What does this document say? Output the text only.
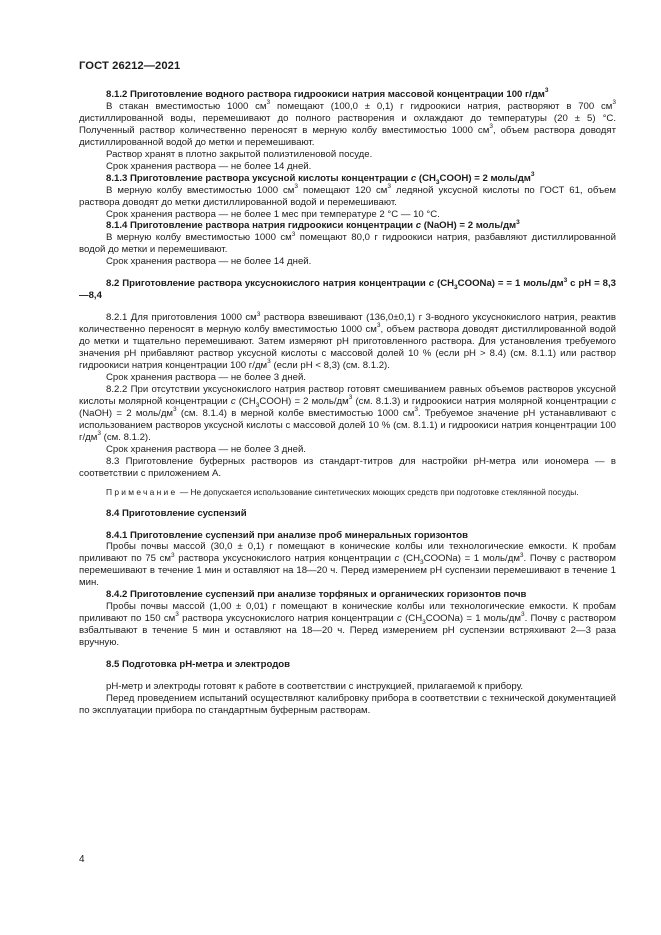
ГОСТ 26212—2021

8.1.2 Приготовление водного раствора гидроокиси натрия массовой концентрации 100 $г/дм^3$

В стакан вместимостью 1000 $см^3$ помещают (100,0 ± 0,1) г гидроокиси натрия, растворяют в 700 $см^3$ дистиллированной воды, перемешивают до полного растворения и охлаждают до температуры (20 ± 5) °С. Полученный раствор количественно переносят в мерную колбу вместимостью 1000 $см^3$, объем раствора доводят дистиллированной водой до метки и перемешивают.

Раствор хранят в плотно закрытой полиэтиленовой посуде.

Срок хранения раствора — не более 14 дней.

8.1.3 Приготовление раствора уксусной кислоты концентрации c $(CH_3COOH) = 2$ моль/$дм^3$

В мерную колбу вместимостью 1000 $см^3$ помещают 120 $см^3$ ледяной уксусной кислоты по ГОСТ 61, объем раствора доводят до метки дистиллированной водой и перемешивают.

Срок хранения раствора — не более 1 мес при температуре 2 °С — 10 °С.

8.1.4 Приготовление раствора натрия гидроокиси концентрации c (NaOH) = 2 моль/$дм^3$

В мерную колбу вместимостью 1000 $см^3$ помещают 80,0 г гидроокиси натрия, разбавляют дистиллированной водой до метки и перемешивают.

Срок хранения раствора — не более 14 дней.

8.2 Приготовление раствора уксуснокислого натрия концентрации c $(CH_3COONa)$ = = 1 моль/$дм^3$ с рН = 8,3—8,4

8.2.1 Для приготовления 1000 $см^3$ раствора взвешивают (136,0±0,1) г 3-водного уксуснокислого натрия, реактив количественно переносят в мерную колбу вместимостью 1000 $см^3$, объем раствора доводят дистиллированной водой до метки и тщательно перемешивают. Затем измеряют рН приготовленного раствора. Для установления требуемого значения рН прибавляют раствор уксусной кислоты с массовой долей 10 % (если рН > 8.4) (см. 8.1.1) или раствор гидроокиси натрия концентрации 100 $г/дм^3$ (если рН < 8,3) (см. 8.1.2).

Срок хранения раствора — не более 3 дней.

8.2.2 При отсутствии уксуснокислого натрия раствор готовят смешиванием равных объемов растворов уксусной кислоты молярной концентрации c $(CH_3COOH) = 2$ моль/$дм^3$ (см. 8.1.3) и гидроокиси натрия молярной концентрации c (NaOH) = 2 моль/$дм^3$ (см. 8.1.4) в мерной колбе вместимостью 1000 $см^3$. Требуемое значение рН устанавливают с использованием растворов уксусной кислоты с массовой долей 10 % (см. 8.1.1) и гидроокиси натрия концентрации 100 $г/дм^3$ (см. 8.1.2).

Срок хранения раствора — не более 3 дней.

8.3 Приготовление буферных растворов из стандарт-титров для настройки рН-метра или иономера — в соответствии с приложением А.

Примечание — Не допускается использование синтетических моющих средств при подготовке стеклянной посуды.

8.4 Приготовление суспензий

8.4.1 Приготовление суспензий при анализе проб минеральных горизонтов

Пробы почвы массой (30,0 ± 0,1) г помещают в конические колбы или технологические емкости. К пробам приливают по 75 $см^3$ раствора уксуснокислого натрия концентрации c $(CH_3COONa) = 1$ моль/$дм^3$. Почву с раствором перемешивают в течение 1 мин и оставляют на 18—20 ч. Перед измерением рН суспензии перемешивают в течение 1 мин.

8.4.2 Приготовление суспензий при анализе торфяных и органических горизонтов почв

Пробы почвы массой (1,00 ± 0,01) г помещают в конические колбы или технологические емкости. К пробам приливают по 150 $см^3$ раствора уксуснокислого натрия концентрации c $(CH_3COONa) = 1$ моль/$дм^3$. Почву с раствором взбалтывают в течение 5 мин и оставляют на 18—20 ч. Перед измерением рН суспензии встряхивают 2—3 раза вручную.

8.5 Подготовка рН-метра и электродов

рН-метр и электроды готовят к работе в соответствии с инструкцией, прилагаемой к прибору.

Перед проведением испытаний осуществляют калибровку прибора в соответствии с технической документацией по эксплуатации прибора по стандартным буферным растворам.

4
